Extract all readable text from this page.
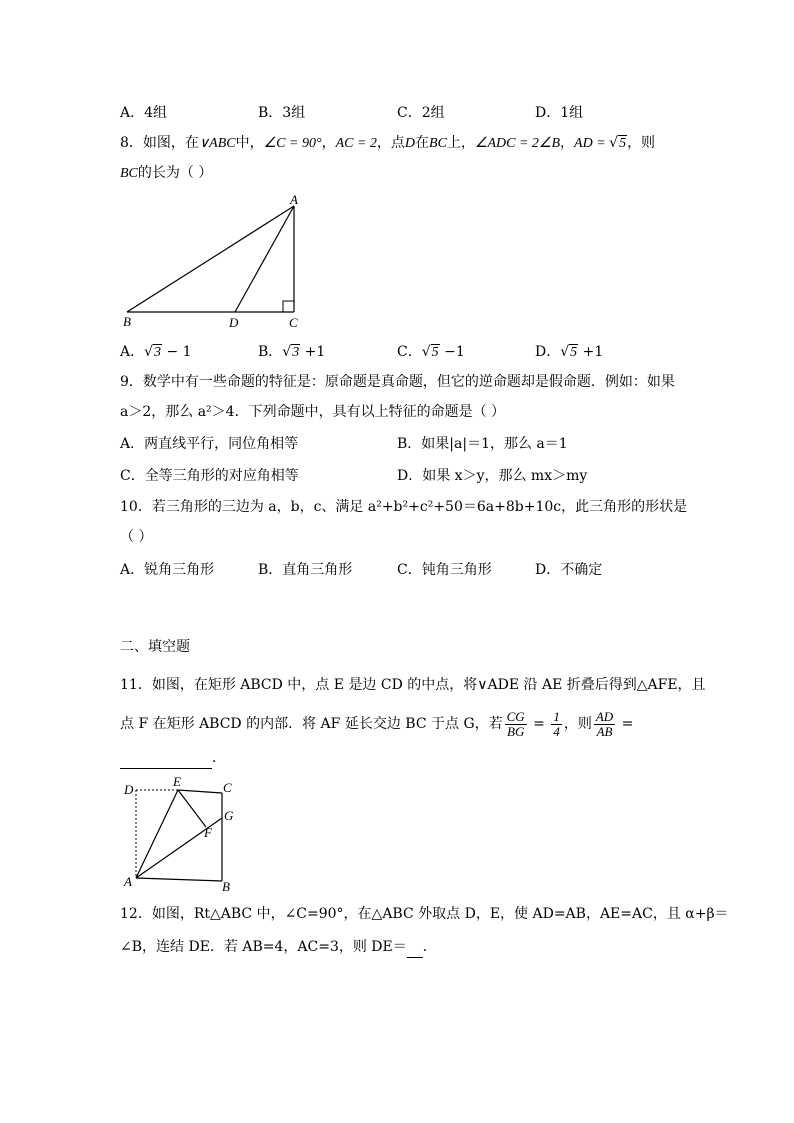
A．4组	B．3组	C．2组	D．1组
8．如图，在∨ABC中，∠C = 90°，AC = 2，点D在BC上，∠ADC = 2∠B，AD = √5，则
BC的长为（ ）
A
B	D	C
A．√3 − 1	B．√3 +1	C．√5 −1	D．√5 +1
9．数学中有一些命题的特征是：原命题是真命题，但它的逆命题却是假命题．例如：如果
a＞2，那么 a²＞4．下列命题中，具有以上特征的命题是（ ）
A．两直线平行，同位角相等	B．如果|a|＝1，那么 a＝1
C．全等三角形的对应角相等	D．如果 x＞y，那么 mx＞my
10．若三角形的三边为 a，b，c、满足 a²+b²+c²+50＝6a+8b+10c，此三角形的形状是
（ ）
A．锐角三角形	B．直角三角形	C．钝角三角形	D．不确定
二、填空题
11．如图，在矩形 ABCD 中，点 E 是边 CD 的中点，将∨ADE 沿 AE 折叠后得到△AFE，且
点 F 在矩形 ABCD 的内部．将 AF 延长交边 BC 于点 G，若 $\frac{CG}{BG} = \frac{1}{4}$ ，则 $\frac{AD}{AB}$ =
．
D
E	C
G
F
A	B
12．如图，Rt△ABC 中，∠C=90°，在△ABC 外取点 D，E，使 AD=AB，AE=AC，且 α+β＝
∠B，连结 DE．若 AB=4，AC=3，则 DE＝ ．
